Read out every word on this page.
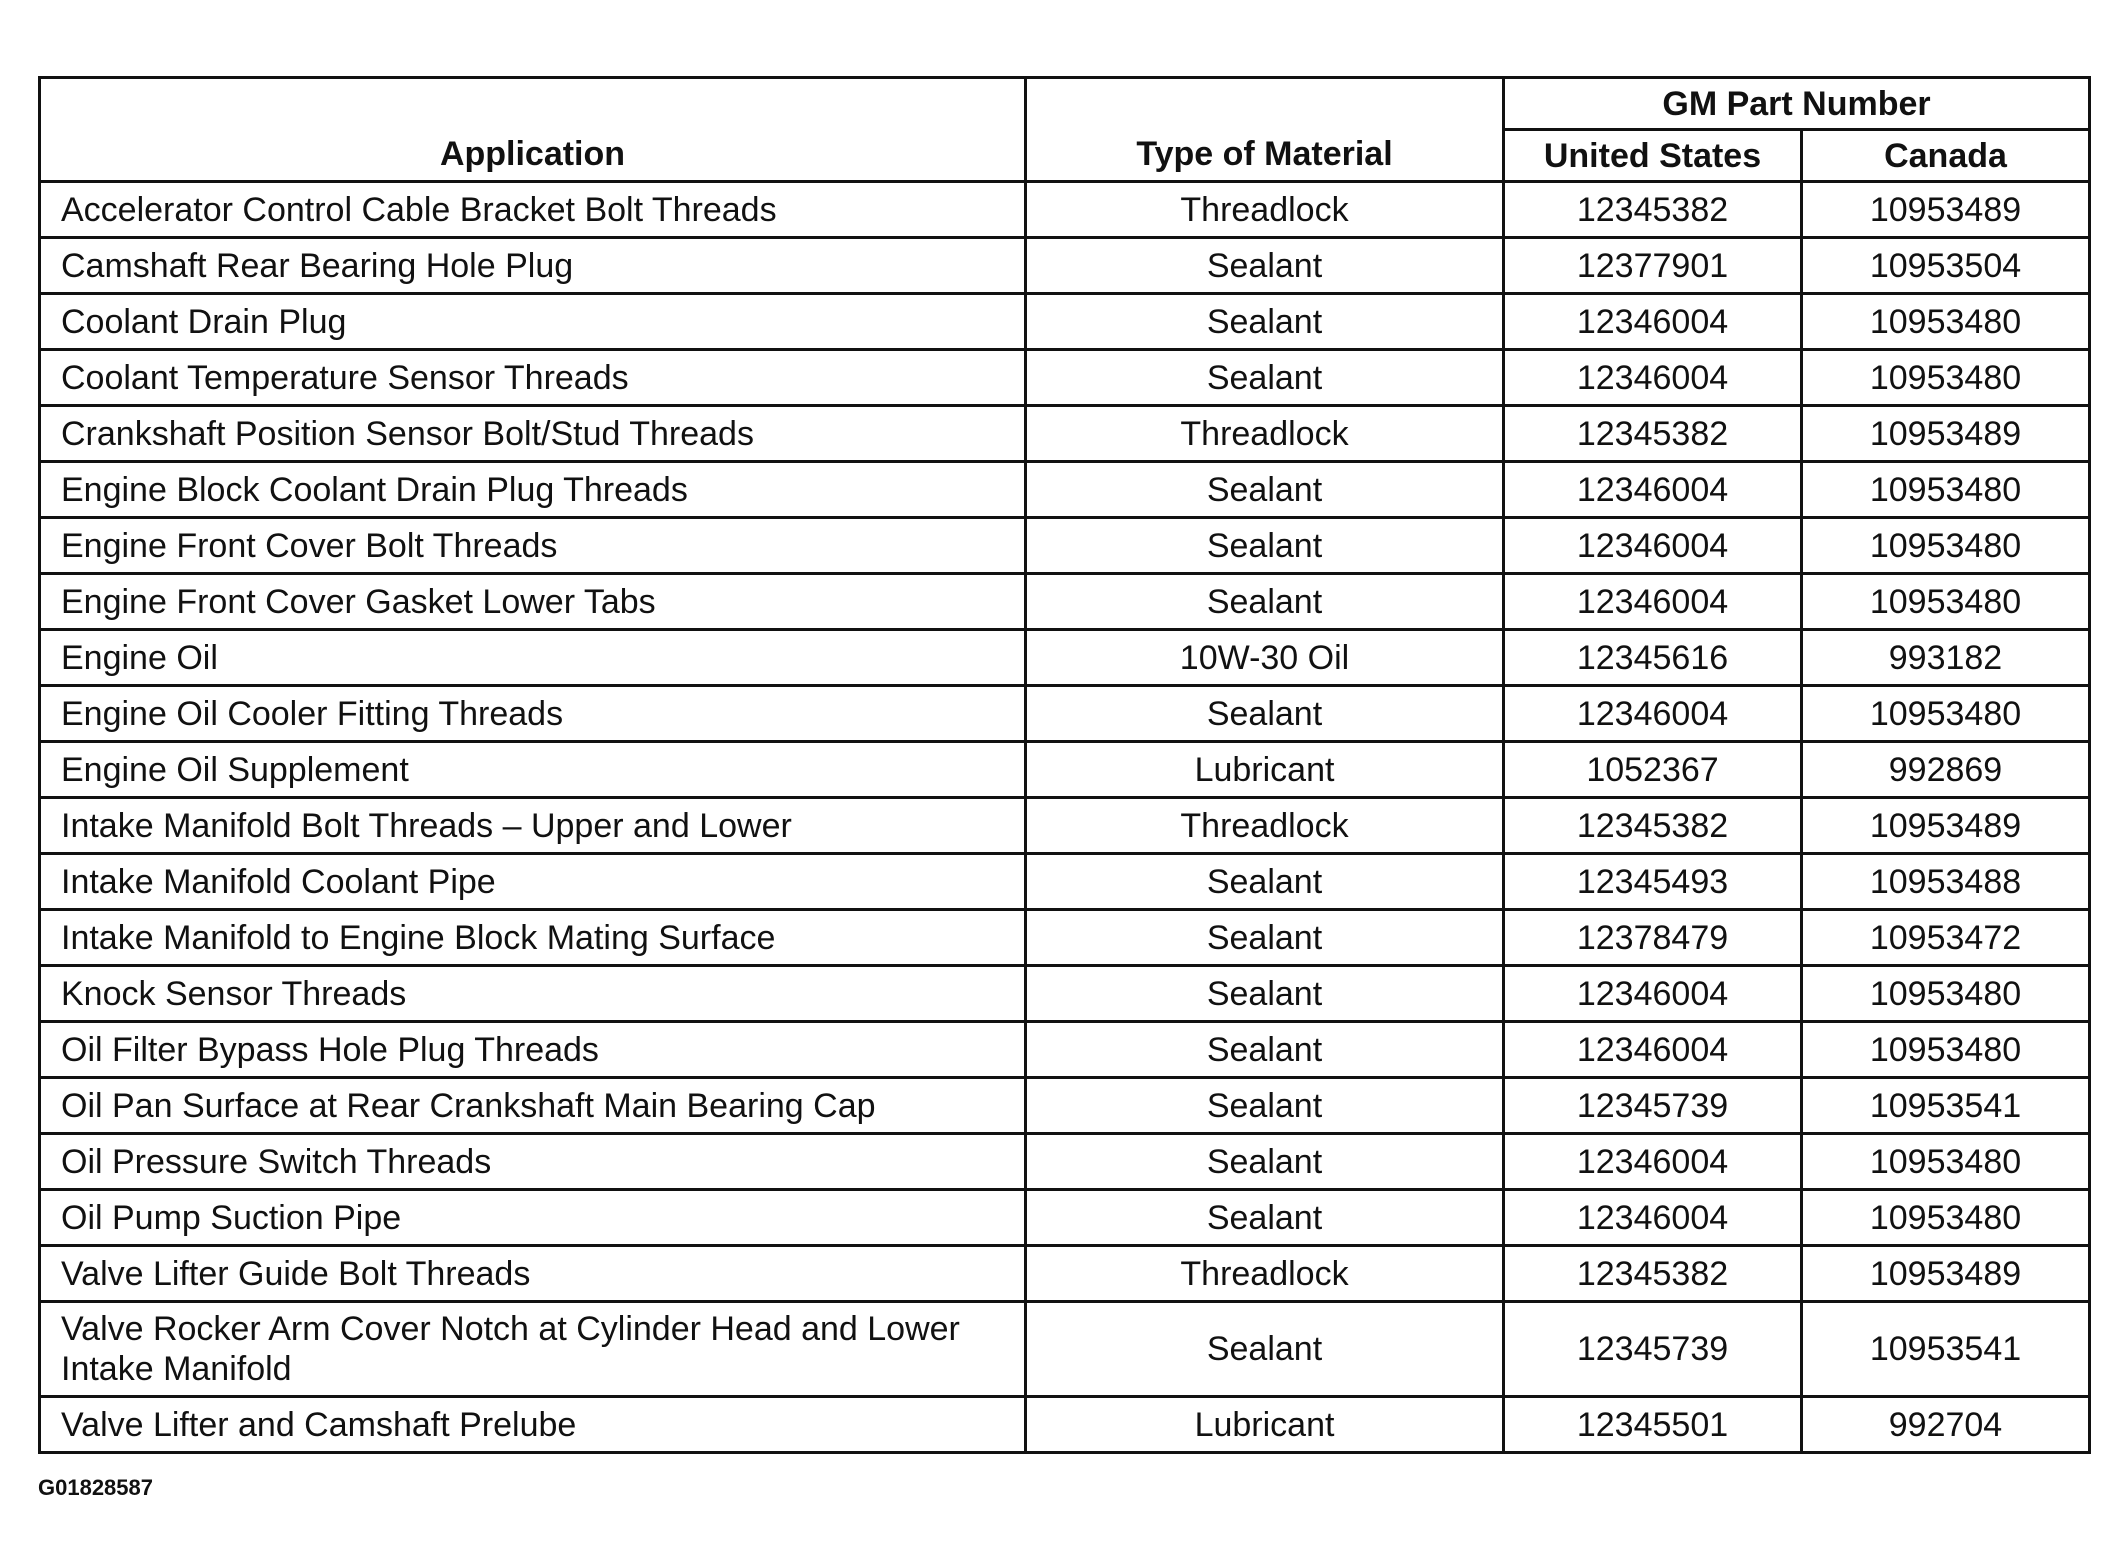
Application	Type of Material	GM Part Number	
		United States	Canada
Accelerator Control Cable Bracket Bolt Threads	Threadlock	12345382	10953489
Camshaft Rear Bearing Hole Plug	Sealant	12377901	10953504
Coolant Drain Plug	Sealant	12346004	10953480
Coolant Temperature Sensor Threads	Sealant	12346004	10953480
Crankshaft Position Sensor Bolt/Stud Threads	Threadlock	12345382	10953489
Engine Block Coolant Drain Plug Threads	Sealant	12346004	10953480
Engine Front Cover Bolt Threads	Sealant	12346004	10953480
Engine Front Cover Gasket Lower Tabs	Sealant	12346004	10953480
Engine Oil	10W-30 Oil	12345616	993182
Engine Oil Cooler Fitting Threads	Sealant	12346004	10953480
Engine Oil Supplement	Lubricant	1052367	992869
Intake Manifold Bolt Threads – Upper and Lower	Threadlock	12345382	10953489
Intake Manifold Coolant Pipe	Sealant	12345493	10953488
Intake Manifold to Engine Block Mating Surface	Sealant	12378479	10953472
Knock Sensor Threads	Sealant	12346004	10953480
Oil Filter Bypass Hole Plug Threads	Sealant	12346004	10953480
Oil Pan Surface at Rear Crankshaft Main Bearing Cap	Sealant	12345739	10953541
Oil Pressure Switch Threads	Sealant	12346004	10953480
Oil Pump Suction Pipe	Sealant	12346004	10953480
Valve Lifter Guide Bolt Threads	Threadlock	12345382	10953489
Valve Rocker Arm Cover Notch at Cylinder Head and Lower Intake Manifold	Sealant	12345739	10953541
Valve Lifter and Camshaft Prelube	Lubricant	12345501	992704
G01828587
